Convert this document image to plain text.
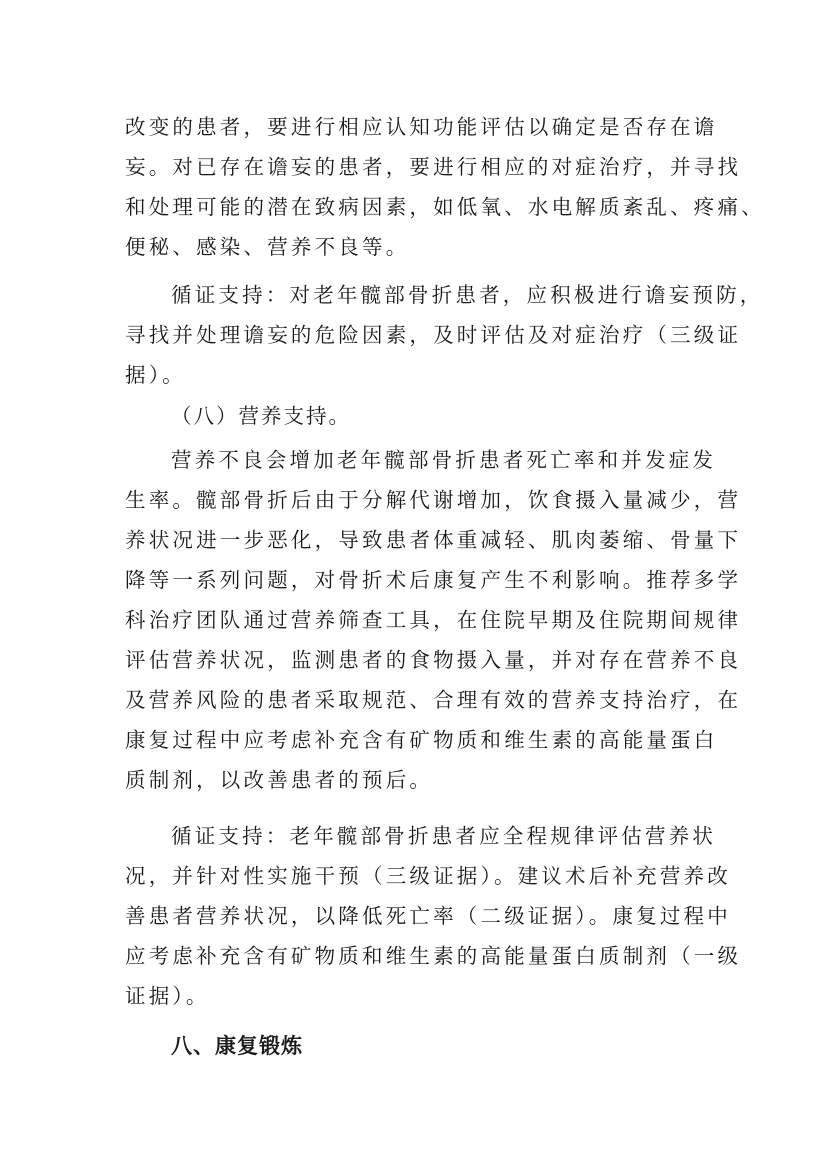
改变的患者，要进行相应认知功能评估以确定是否存在谵
妄。对已存在谵妄的患者，要进行相应的对症治疗，并寻找
和处理可能的潜在致病因素，如低氧、水电解质紊乱、疼痛、
便秘、感染、营养不良等。
循证支持：对老年髋部骨折患者，应积极进行谵妄预防，
寻找并处理谵妄的危险因素，及时评估及对症治疗（三级证
据）。
（八）营养支持。
营养不良会增加老年髋部骨折患者死亡率和并发症发
生率。髋部骨折后由于分解代谢增加，饮食摄入量减少，营
养状况进一步恶化，导致患者体重减轻、肌肉萎缩、骨量下
降等一系列问题，对骨折术后康复产生不利影响。推荐多学
科治疗团队通过营养筛查工具，在住院早期及住院期间规律
评估营养状况，监测患者的食物摄入量，并对存在营养不良
及营养风险的患者采取规范、合理有效的营养支持治疗，在
康复过程中应考虑补充含有矿物质和维生素的高能量蛋白
质制剂，以改善患者的预后。
循证支持：老年髋部骨折患者应全程规律评估营养状
况，并针对性实施干预（三级证据）。建议术后补充营养改
善患者营养状况，以降低死亡率（二级证据）。康复过程中
应考虑补充含有矿物质和维生素的高能量蛋白质制剂（一级
证据）。
八、康复锻炼
